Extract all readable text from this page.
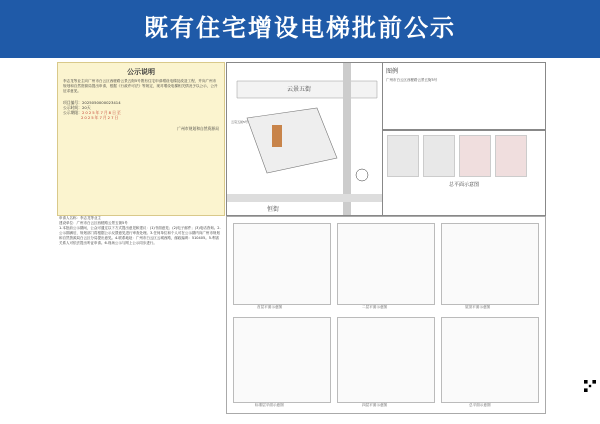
既有住宅增设电梯批前公示
公示说明

李志龙等业主向广州市白云区西槎路云景五街5号既有住宅申请增设电梯及改造工程，并向广州市规划和自然资源局提出申请，根据《行政许可法》等规定，现对增设电梯相关情况予以公示，公开征求意见。

项目编号：2025050000023414
公示时间：20天
公示期限：2025年7月8日至
2025年7月27日
广州市规划和自然资源局
云景五街
恒街
云景五街5号
图例
广州市白云区西槎路云景五街5号
总平面示意图

申请人名称：李志龙等业主

建设单位：广州市白云区西槎路云景五街5号

1.本批前公示期间，公众可通过以下方式提出意见和建议：(1)书面意见；(2)电子邮件；(3)电话咨询。2.公示期满后，规划部门将根据公示反馈意见进行审查处理。3.任何单位和个人可在公示期内向广州市规划和自然资源局白云区分局提出意见。4.联系地址：广州市白云区云城西路，邮政编码：510405。5.利害关系人可依法提出听证申请。6.现场公示与网上公示同步进行。

首层平面示意图	二层平面示意图	屋顶平面示意图
标准层平面示意图	四层平面示意图	总平面示意图
